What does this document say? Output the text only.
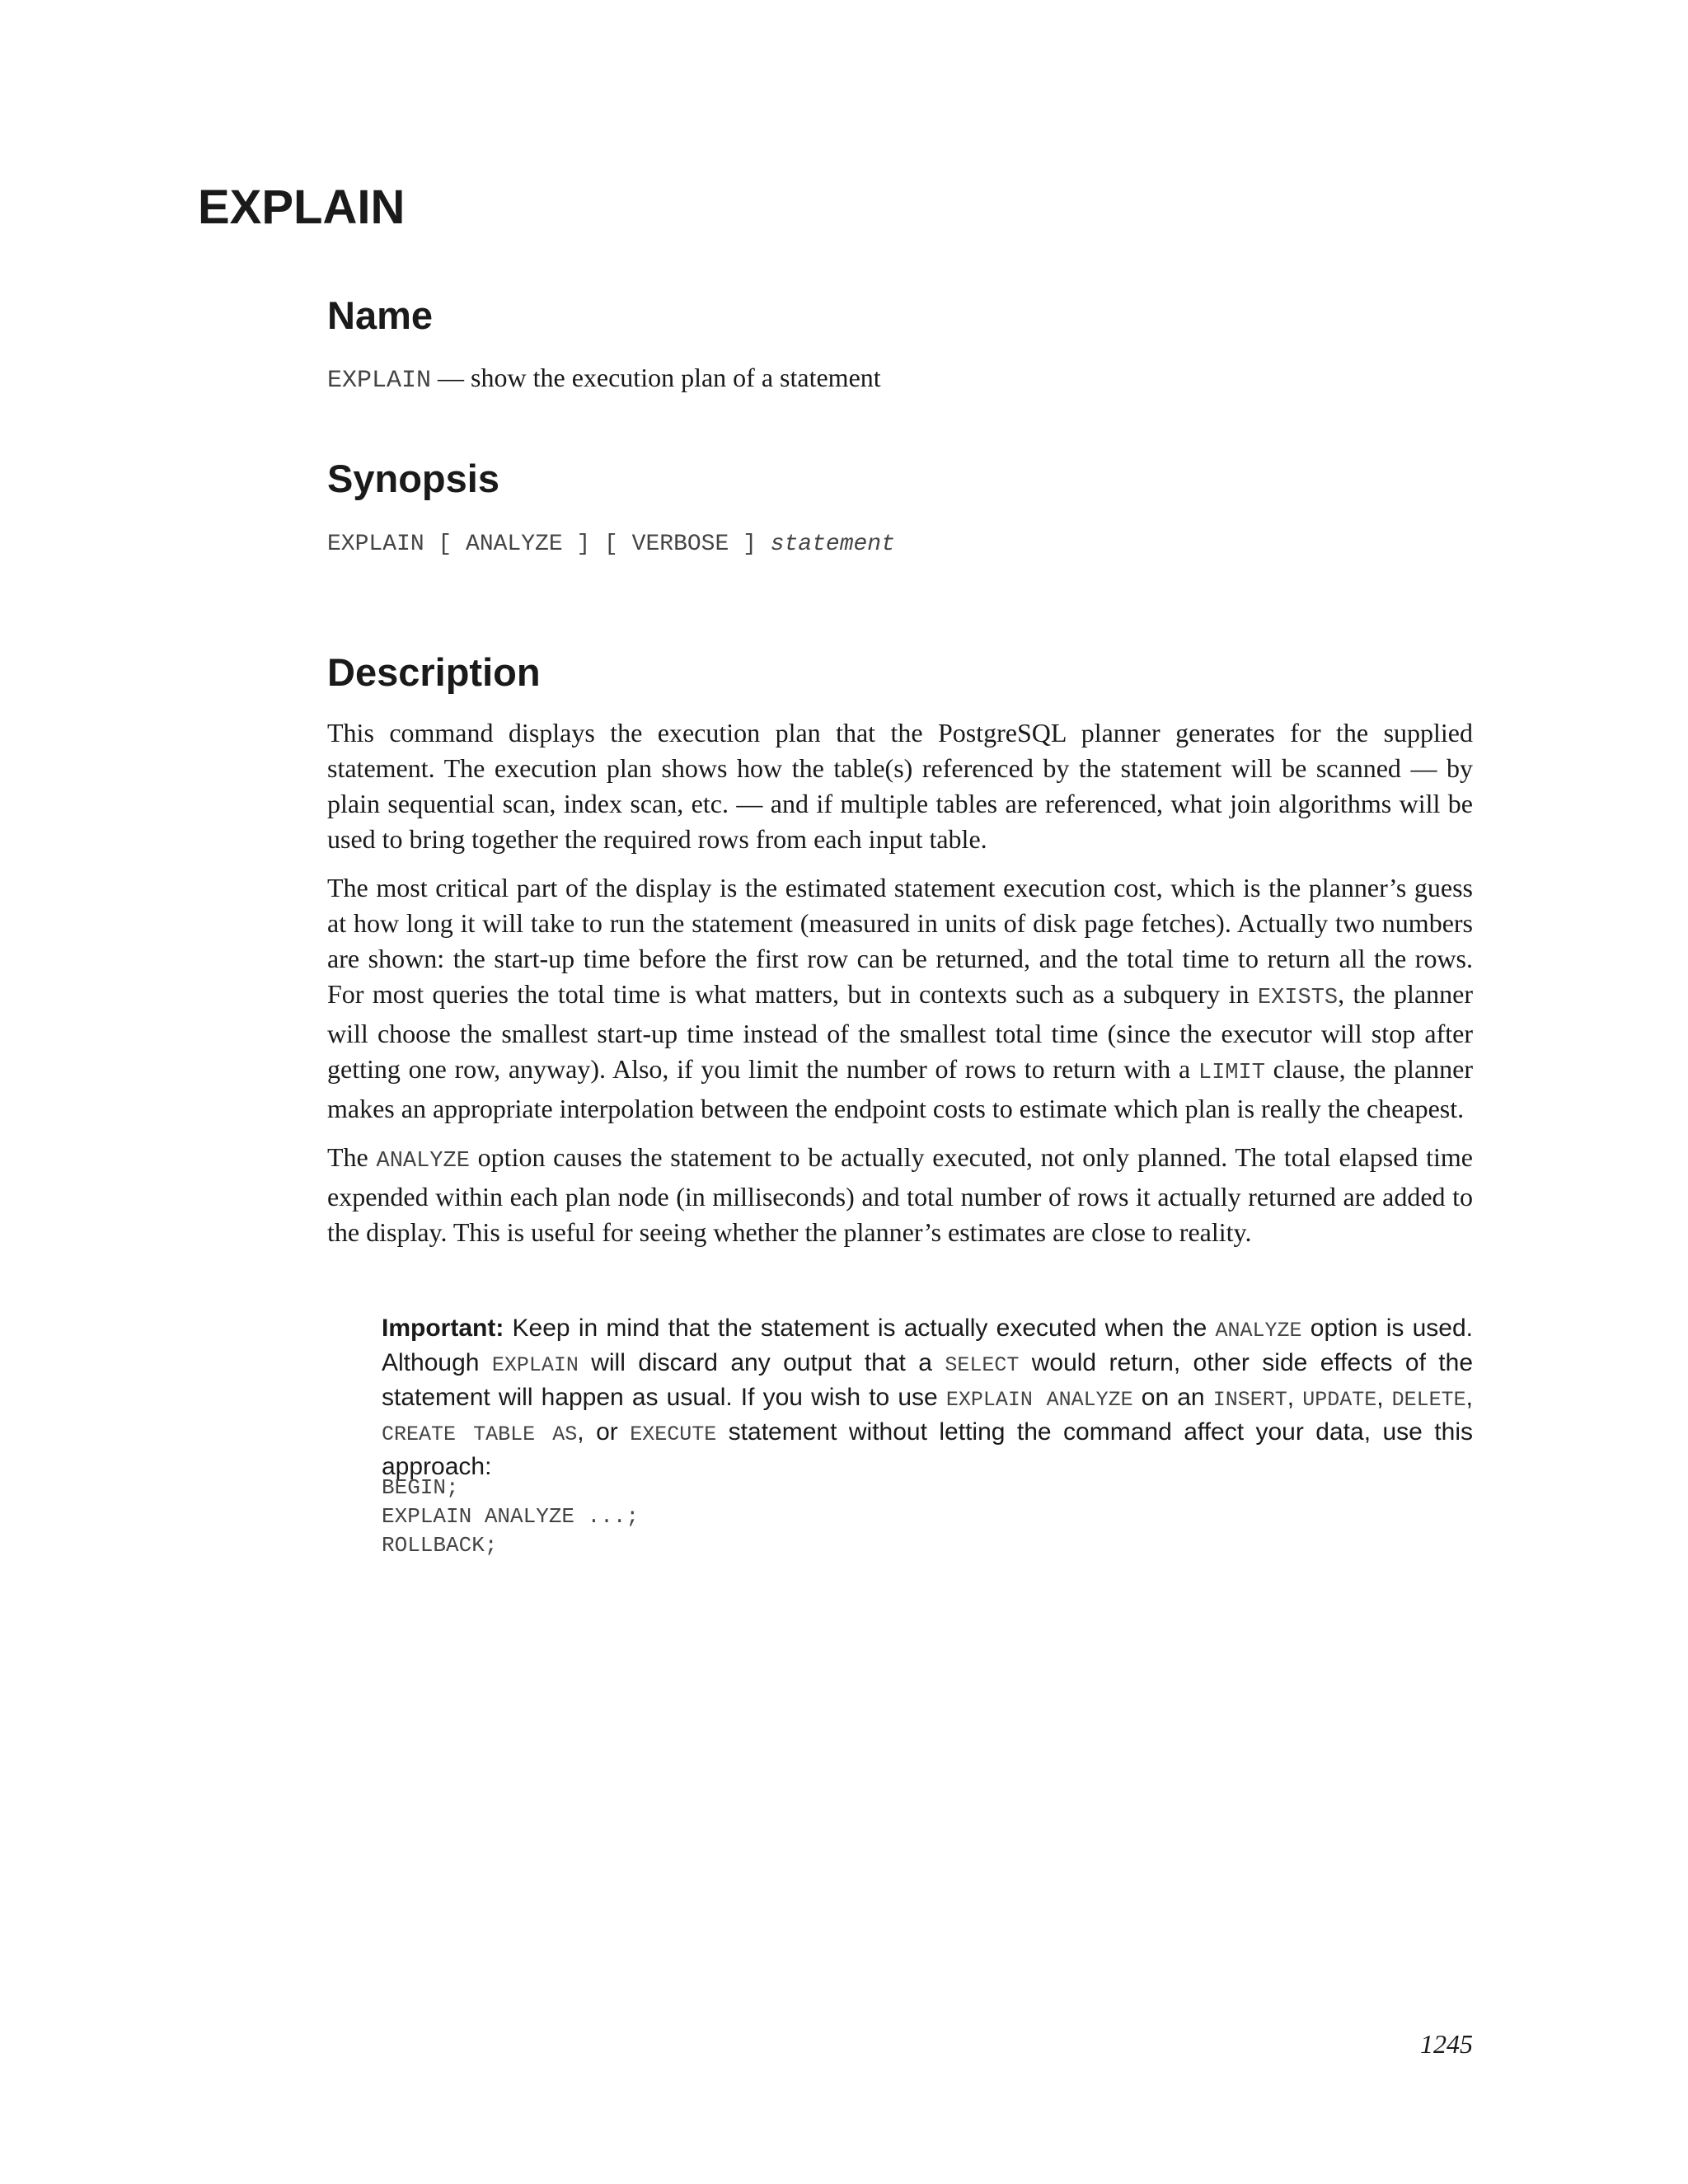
EXPLAIN
Name
EXPLAIN — show the execution plan of a statement
Synopsis
EXPLAIN [ ANALYZE ] [ VERBOSE ] statement
Description

This command displays the execution plan that the PostgreSQL planner generates for the supplied statement. The execution plan shows how the table(s) referenced by the statement will be scanned — by plain sequential scan, index scan, etc. — and if multiple tables are referenced, what join algorithms will be used to bring together the required rows from each input table.

The most critical part of the display is the estimated statement execution cost, which is the planner’s guess at how long it will take to run the statement (measured in units of disk page fetches). Actually two numbers are shown: the start-up time before the first row can be returned, and the total time to return all the rows. For most queries the total time is what matters, but in contexts such as a subquery in EXISTS, the planner will choose the smallest start-up time instead of the smallest total time (since the executor will stop after getting one row, anyway). Also, if you limit the number of rows to return with a LIMIT clause, the planner makes an appropriate interpolation between the endpoint costs to estimate which plan is really the cheapest.

The ANALYZE option causes the statement to be actually executed, not only planned. The total elapsed time expended within each plan node (in milliseconds) and total number of rows it actually returned are added to the display. This is useful for seeing whether the planner’s estimates are close to reality.

Important: Keep in mind that the statement is actually executed when the ANALYZE option is used. Although EXPLAIN will discard any output that a SELECT would return, other side effects of the statement will happen as usual. If you wish to use EXPLAIN ANALYZE on an INSERT, UPDATE, DELETE, CREATE TABLE AS, or EXECUTE statement without letting the command affect your data, use this approach:

BEGIN;
EXPLAIN ANALYZE ...;
ROLLBACK;
1245
